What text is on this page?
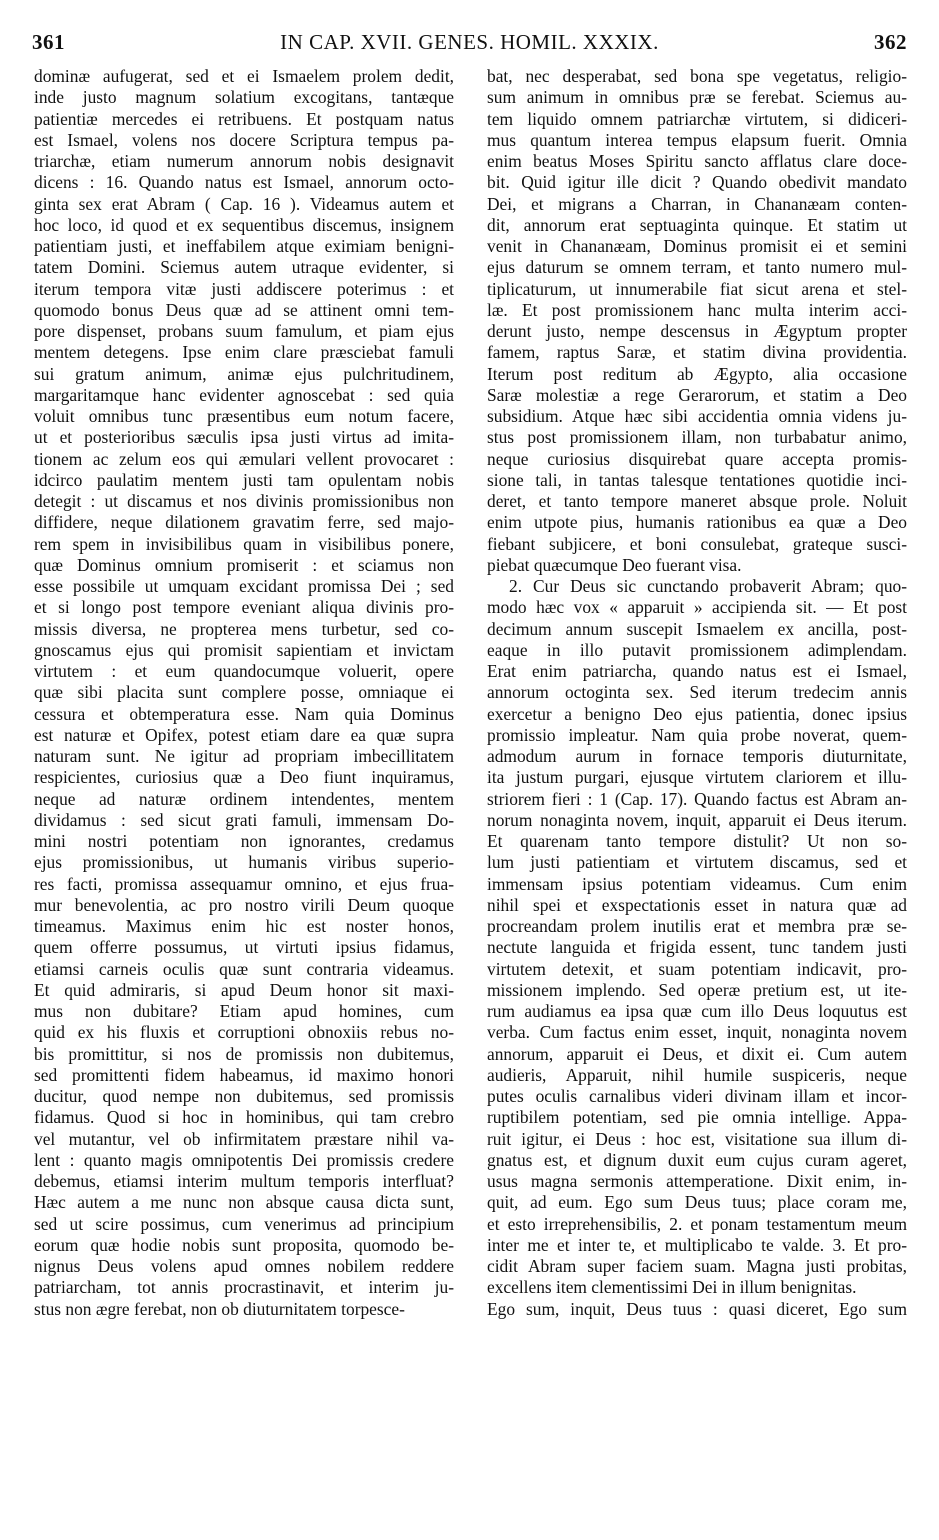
361	IN CAP. XVII. GENES. HOMIL. XXXIX.	362
dominæ aufugerat, sed et ei Ismaelem prolem dedit,
inde justo magnum solatium excogitans, tantæque
patientiæ mercedes ei retribuens. Et postquam natus
est Ismael, volens nos docere Scriptura tempus pa-
triarchæ, etiam numerum annorum nobis designavit
dicens : 16. Quando natus est Ismael, annorum octo-
ginta sex erat Abram ( Cap. 16 ). Videamus autem et
hoc loco, id quod et ex sequentibus discemus, insignem
patientiam justi, et ineffabilem atque eximiam benigni-
tatem Domini. Sciemus autem utraque evidenter, si
iterum tempora vitæ justi addiscere poterimus : et
quomodo bonus Deus quæ ad se attinent omni tem-
pore dispenset, probans suum famulum, et piam ejus
mentem detegens. Ipse enim clare præsciebat famuli
sui gratum animum, animæ ejus pulchritudinem,
margaritamque hanc evidenter agnoscebat : sed quia
voluit omnibus tunc præsentibus eum notum facere,
ut et posterioribus sæculis ipsa justi virtus ad imita-
tionem ac zelum eos qui æmulari vellent provocaret :
idcirco paulatim mentem justi tam opulentam nobis
detegit : ut discamus et nos divinis promissionibus non
diffidere, neque dilationem gravatim ferre, sed majo-
rem spem in invisibilibus quam in visibilibus ponere,
quæ Dominus omnium promiserit : et sciamus non
esse possibile ut umquam excidant promissa Dei ; sed
et si longo post tempore eveniant aliqua divinis pro-
missis diversa, ne propterea mens turbetur, sed co-
gnoscamus ejus qui promisit sapientiam et invictam
virtutem : et eum quandocumque voluerit, opere
quæ sibi placita sunt complere posse, omniaque ei
cessura et obtemperatura esse. Nam quia Dominus
est naturæ et Opifex, potest etiam dare ea quæ supra
naturam sunt. Ne igitur ad propriam imbecillitatem
respicientes, curiosius quæ a Deo fiunt inquiramus,
neque ad naturæ ordinem intendentes, mentem
dividamus : sed sicut grati famuli, immensam Do-
mini nostri potentiam non ignorantes, credamus
ejus promissionibus, ut humanis viribus superio-
res facti, promissa assequamur omnino, et ejus frua-
mur benevolentia, ac pro nostro virili Deum quoque
timeamus. Maximus enim hic est noster honos,
quem offerre possumus, ut virtuti ipsius fidamus,
etiamsi carneis oculis quæ sunt contraria videamus.
Et quid admiraris, si apud Deum honor sit maxi-
mus non dubitare? Etiam apud homines, cum
quid ex his fluxis et corruptioni obnoxiis rebus no-
bis promittitur, si nos de promissis non dubitemus,
sed promittenti fidem habeamus, id maximo honori
ducitur, quod nempe non dubitemus, sed promissis
fidamus. Quod si hoc in hominibus, qui tam crebro
vel mutantur, vel ob infirmitatem præstare nihil va-
lent : quanto magis omnipotentis Dei promissis credere
debemus, etiamsi interim multum temporis interfluat?
Hæc autem a me nunc non absque causa dicta sunt,
sed ut scire possimus, cum venerimus ad principium
eorum quæ hodie nobis sunt proposita, quomodo be-
nignus Deus volens apud omnes nobilem reddere
patriarcham, tot annis procrastinavit, et interim ju-
stus non ægre ferebat, non ob diuturnitatem torpesce-
bat, nec desperabat, sed bona spe vegetatus, religio-
sum animum in omnibus præ se ferebat. Sciemus au-
tem liquido omnem patriarchæ virtutem, si didiceri-
mus quantum interea tempus elapsum fuerit. Omnia
enim beatus Moses Spiritu sancto afflatus clare doce-
bit. Quid igitur ille dicit ? Quando obedivit mandato
Dei, et migrans a Charran, in Chananæam conten-
dit, annorum erat septuaginta quinque. Et statim ut
venit in Chananæam, Dominus promisit ei et semini
ejus daturum se omnem terram, et tanto numero mul-
tiplicaturum, ut innumerabile fiat sicut arena et stel-
læ. Et post promissionem hanc multa interim acci-
derunt justo, nempe descensus in Ægyptum propter
famem, raptus Saræ, et statim divina providentia.
Iterum post reditum ab Ægypto, alia occasione
Saræ molestiæ a rege Gerarorum, et statim a Deo
subsidium. Atque hæc sibi accidentia omnia videns ju-
stus post promissionem illam, non turbabatur animo,
neque curiosius disquirebat quare accepta promis-
sione tali, in tantas talesque tentationes quotidie inci-
deret, et tanto tempore maneret absque prole. Noluit
enim utpote pius, humanis rationibus ea quæ a Deo
fiebant subjicere, et boni consulebat, grateque susci-
piebat quæcumque Deo fuerant visa.
2. Cur Deus sic cunctando probaverit Abram; quo-
modo hæc vox « apparuit » accipienda sit. — Et post
decimum annum suscepit Ismaelem ex ancilla, post-
eaque in illo putavit promissionem adimplendam.
Erat enim patriarcha, quando natus est ei Ismael,
annorum octoginta sex. Sed iterum tredecim annis
exercetur a benigno Deo ejus patientia, donec ipsius
promissio impleatur. Nam quia probe noverat, quem-
admodum aurum in fornace temporis diuturnitate,
ita justum purgari, ejusque virtutem clariorem et illu-
striorem fieri : 1 (Cap. 17). Quando factus est Abram an-
norum nonaginta novem, inquit, apparuit ei Deus iterum.
Et quarenam tanto tempore distulit? Ut non so-
lum justi patientiam et virtutem discamus, sed et
immensam ipsius potentiam videamus. Cum enim
nihil spei et exspectationis esset in natura quæ ad
procreandam prolem inutilis erat et membra præ se-
nectute languida et frigida essent, tunc tandem justi
virtutem detexit, et suam potentiam indicavit, pro-
missionem implendo. Sed operæ pretium est, ut ite-
rum audiamus ea ipsa quæ cum illo Deus loquutus est
verba. Cum factus enim esset, inquit, nonaginta novem
annorum, apparuit ei Deus, et dixit ei. Cum autem
audieris, Apparuit, nihil humile suspiceris, neque
putes oculis carnalibus videri divinam illam et incor-
ruptibilem potentiam, sed pie omnia intellige. Appa-
ruit igitur, ei Deus : hoc est, visitatione sua illum di-
gnatus est, et dignum duxit eum cujus curam ageret,
usus magna sermonis attemperatione. Dixit enim, in-
quit, ad eum. Ego sum Deus tuus; place coram me,
et esto irreprehensibilis, 2. et ponam testamentum meum
inter me et inter te, et multiplicabo te valde. 3. Et pro-
cidit Abram super faciem suam. Magna justi probitas,
excellens item clementissimi Dei in illum benignitas.
Ego sum, inquit, Deus tuus : quasi diceret, Ego sum
